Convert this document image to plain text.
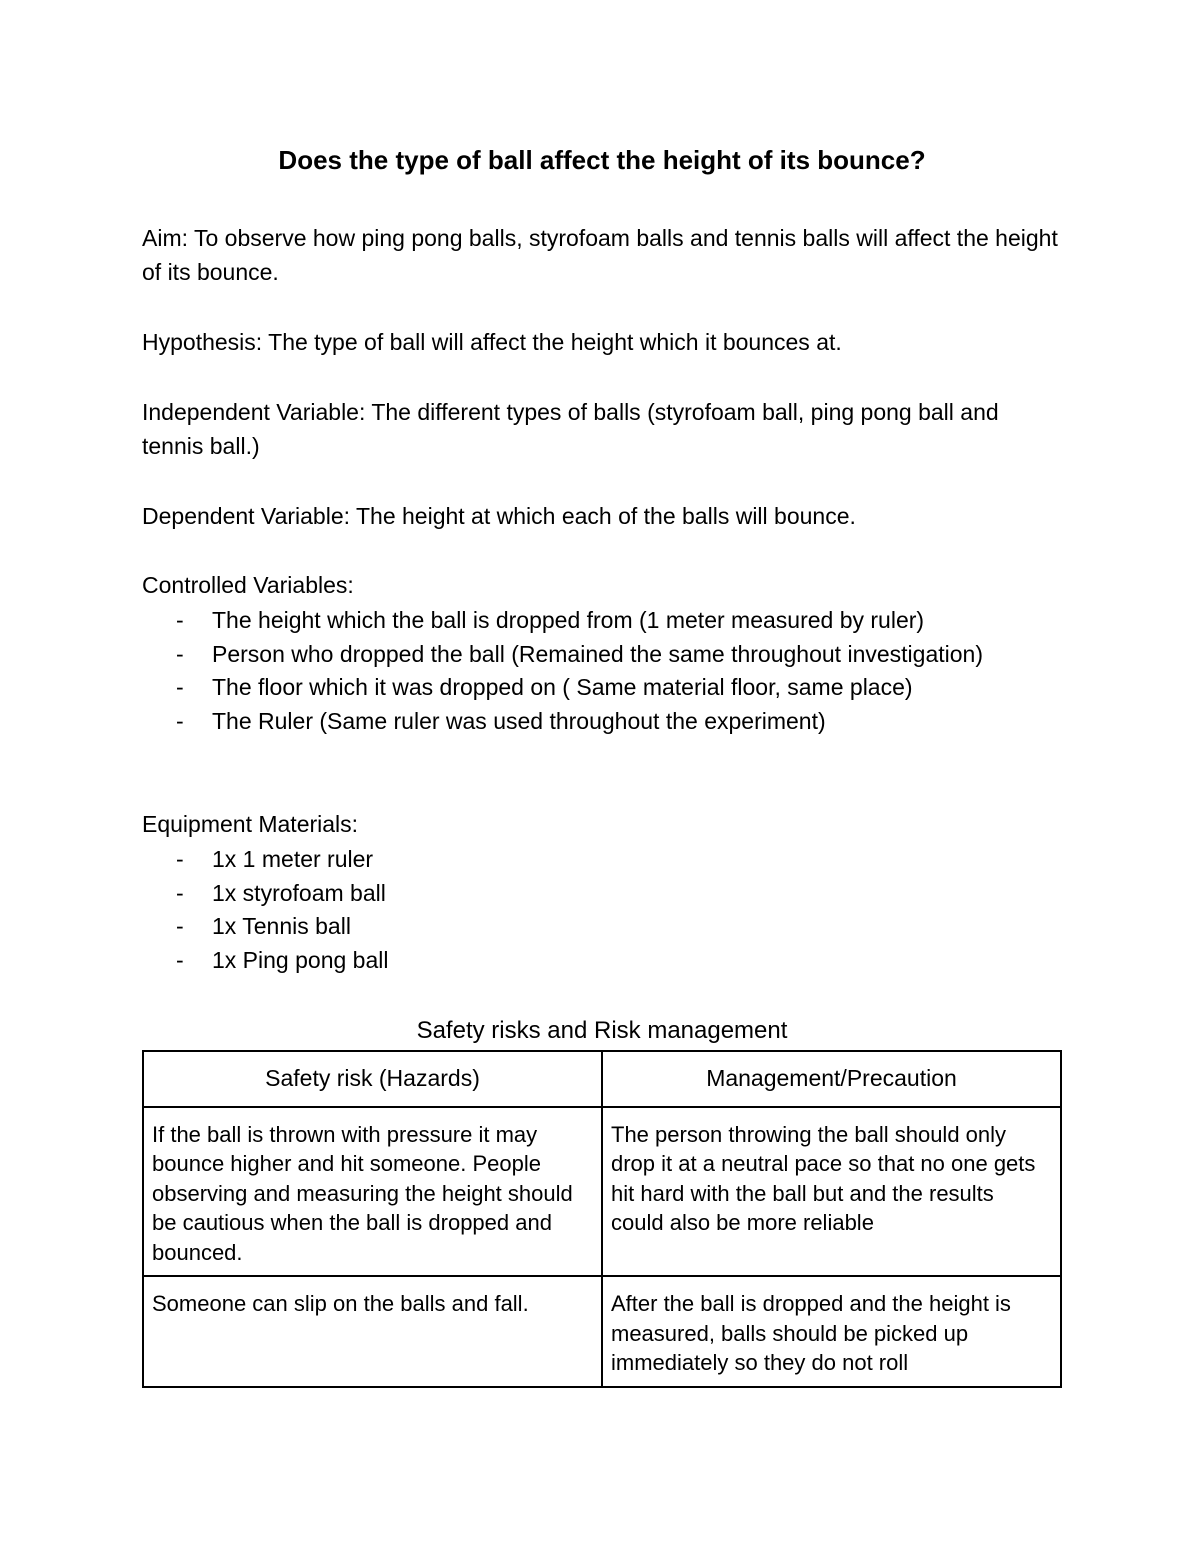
Does the type of ball affect the height of its bounce?
Aim: To observe how ping pong balls, styrofoam balls and tennis balls will affect the height of its bounce.
Hypothesis: The type of ball will affect the height which it bounces at.
Independent Variable: The different types of balls (styrofoam ball, ping pong ball and tennis ball.)
Dependent Variable: The height at which each of the balls will bounce.
Controlled Variables:
- The height which the ball is dropped from (1 meter measured by ruler)
- Person who dropped the ball (Remained the same throughout investigation)
- The floor which it was dropped on ( Same material floor, same place)
- The Ruler (Same ruler was used throughout the experiment)
Equipment Materials:
- 1x 1 meter ruler
- 1x styrofoam ball
- 1x Tennis ball
- 1x Ping pong ball
Safety risks and Risk management
Safety risk (Hazards)	Management/Precaution
If the ball is thrown with pressure it may bounce higher and hit someone. People observing and measuring the height should be cautious when the ball is dropped and bounced.	The person throwing the ball should only drop it at a neutral pace so that no one gets hit hard with the ball but and the results could also be more reliable
Someone can slip on the balls and fall.	After the ball is dropped and the height is measured, balls should be picked up immediately so they do not roll
